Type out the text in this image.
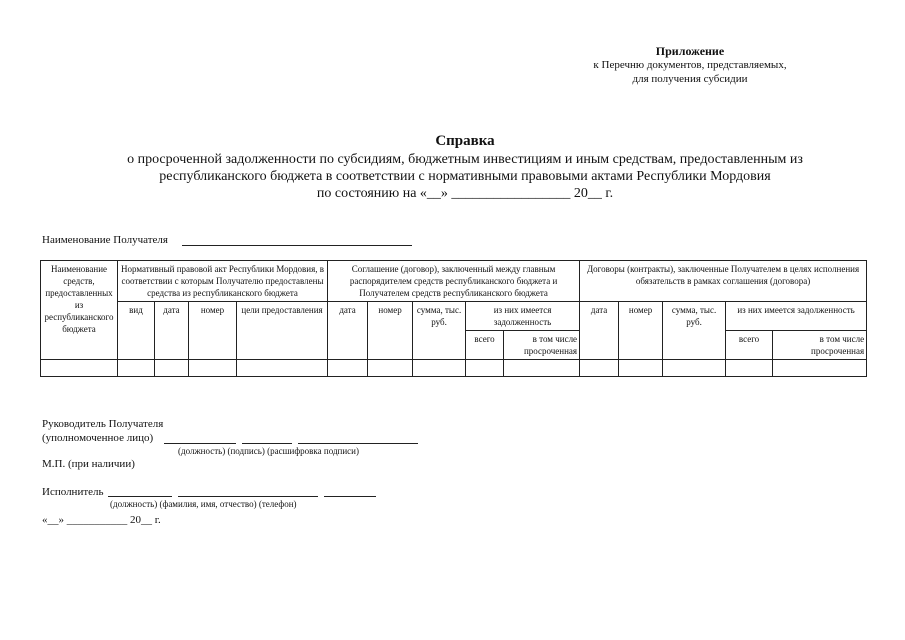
Приложение
к Перечню документов, представляемых,
для получения субсидии
Справка
о просроченной задолженности по субсидиям, бюджетным инвестициям и иным средствам, предоставленным из
республиканского бюджета в соответствии с нормативными правовыми актами Республики Мордовия
по состоянию на «__» _________________ 20__ г.
Наименование Получателя
Наименование средств, предоставленных из республиканского бюджета	Нормативный правовой акт Республики Мордовия, в соответствии с которым Получателю предоставлены средства из республиканского бюджета				Соглашение (договор), заключенный между главным распорядителем средств республиканского бюджета и Получателем средств республиканского бюджета					Договоры (контракты), заключенные Получателем в целях исполнения обязательств в рамках соглашения (договора)				
	вид	дата	номер	цели предоставления	дата	номер	сумма, тыс. руб.	из них имеется задолженность		дата	номер	сумма, тыс. руб.	из них имеется задолженность	
								всего	в том числе просроченная				всего	в том числе просроченная

Руководитель Получателя
(уполномоченное лицо)
(должность) (подпись) (расшифровка подписи)
М.П. (при наличии)
Исполнитель
(должность) (фамилия, имя, отчество) (телефон)
«__» ___________ 20__ г.
